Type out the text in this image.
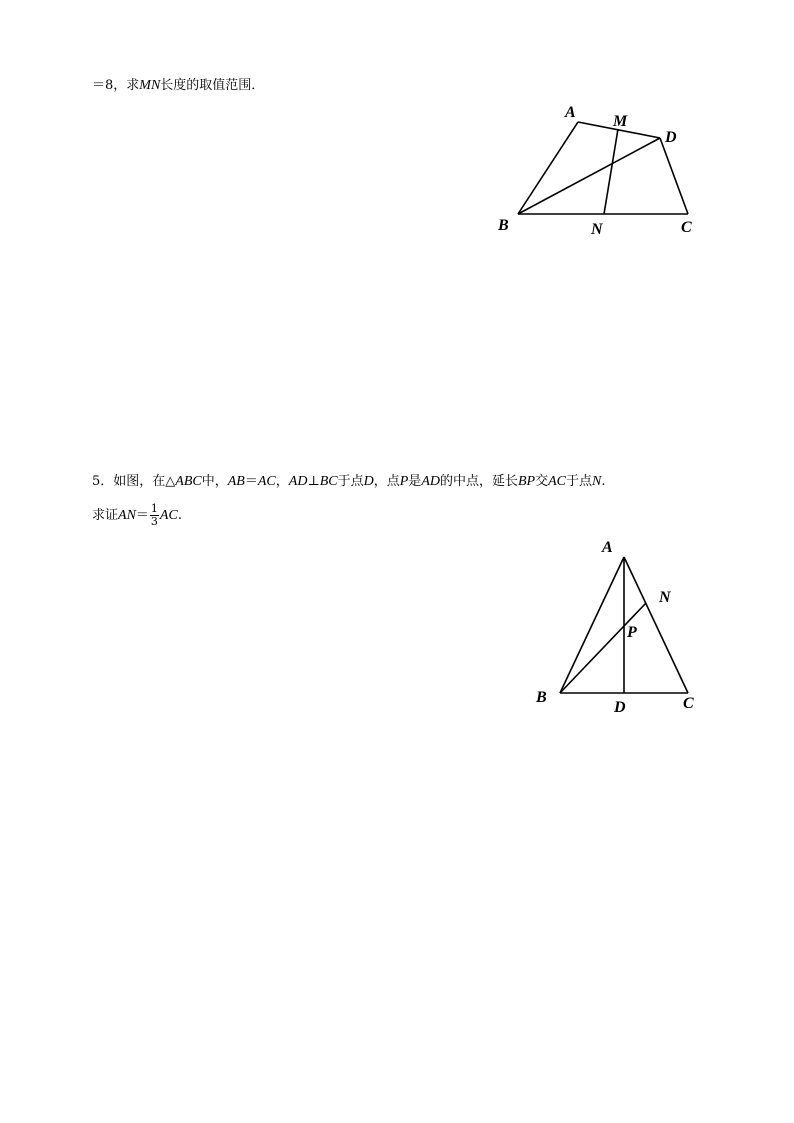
＝8，求MN长度的取值范围．
A
M
D
B	N	C
5．如图，在△ABC中，AB＝AC，AD⊥BC于点D，点P是AD的中点，延长BP交AC于点N.
求证$AN= \frac{1}{3}$ AC.
A
N
P
B
D	C
